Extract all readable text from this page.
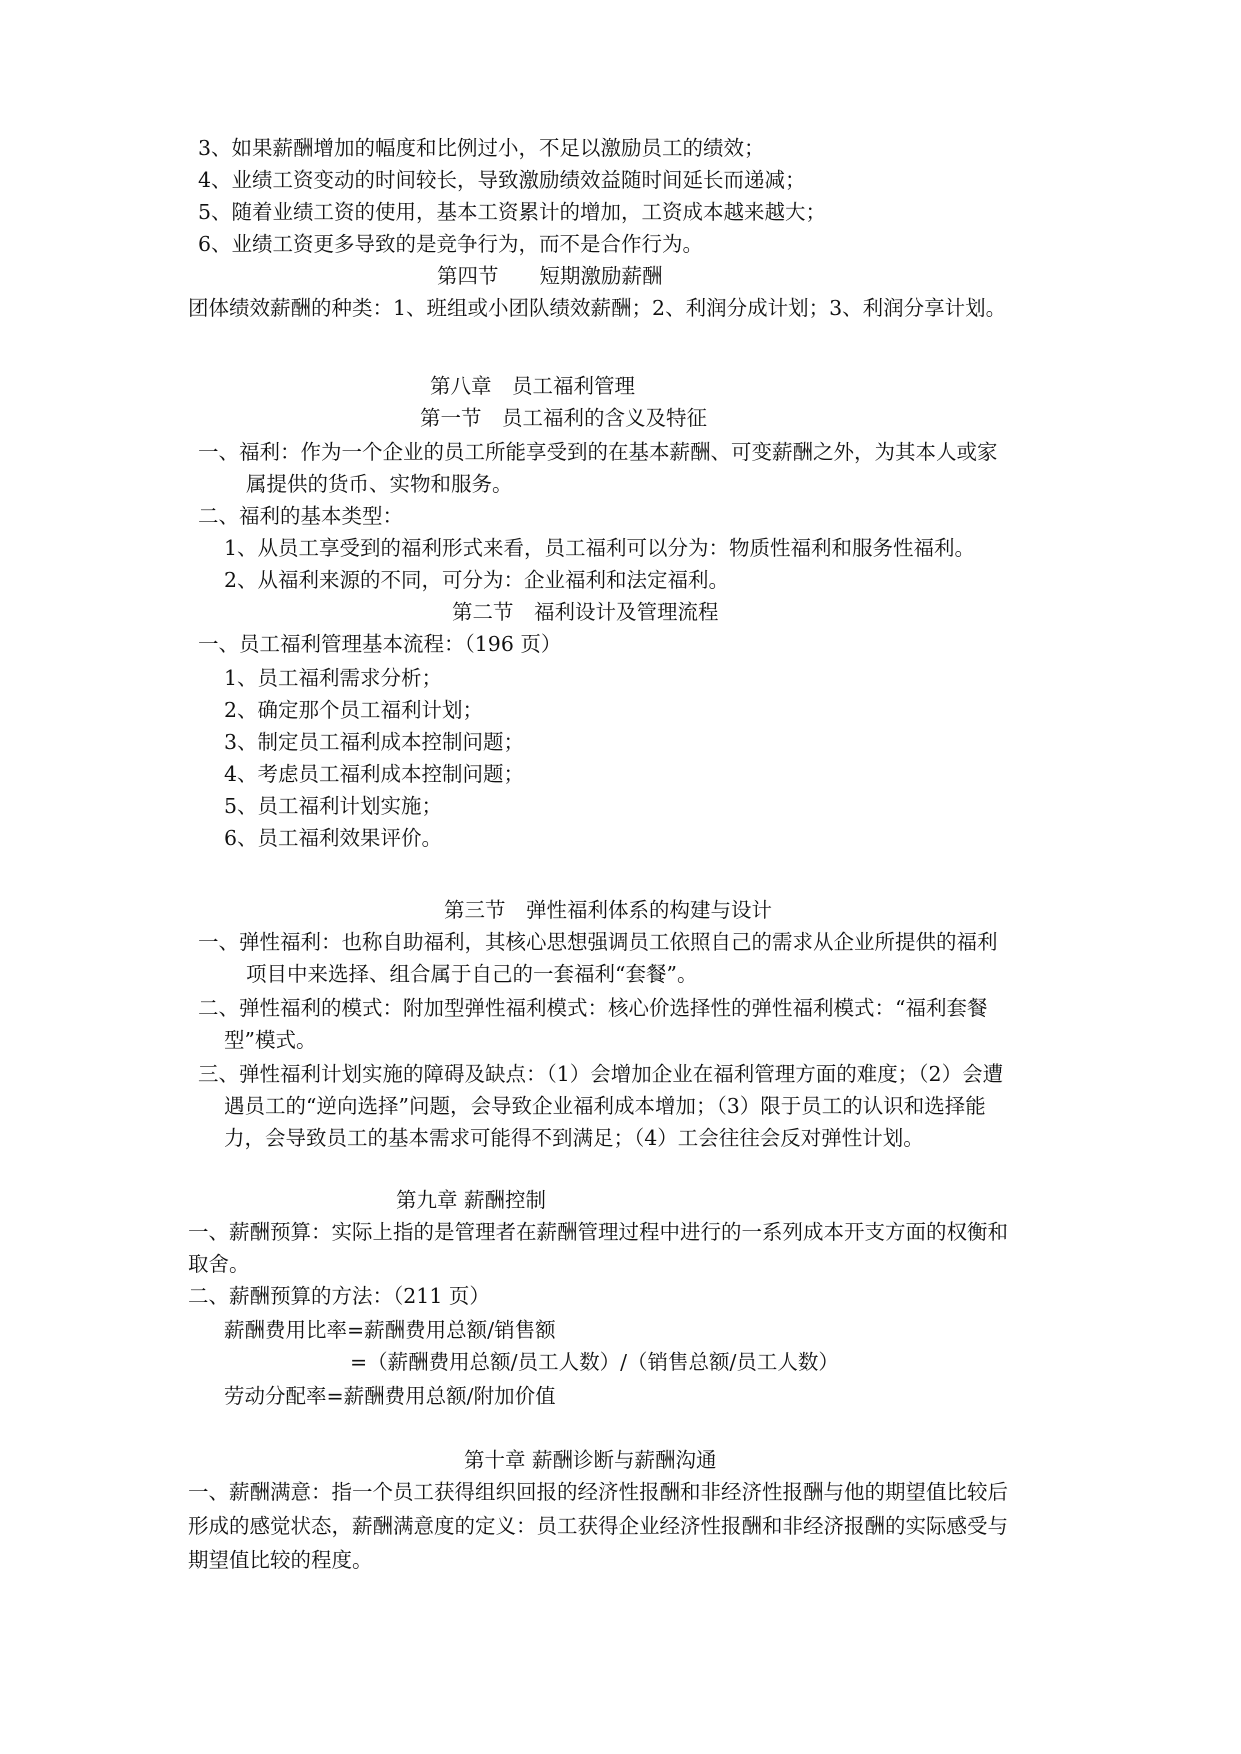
3、如果薪酬增加的幅度和比例过小，不足以激励员工的绩效；
4、业绩工资变动的时间较长，导致激励绩效益随时间延长而递减；
5、随着业绩工资的使用，基本工资累计的增加，工资成本越来越大；
6、业绩工资更多导致的是竞争行为，而不是合作行为。
第四节　　短期激励薪酬
团体绩效薪酬的种类：1、班组或小团队绩效薪酬；2、利润分成计划；3、利润分享计划。
第八章　员工福利管理
第一节　员工福利的含义及特征
一、福利：作为一个企业的员工所能享受到的在基本薪酬、可变薪酬之外，为其本人或家
属提供的货币、实物和服务。
二、福利的基本类型：
1、从员工享受到的福利形式来看，员工福利可以分为：物质性福利和服务性福利。
2、从福利来源的不同，可分为：企业福利和法定福利。
第二节　福利设计及管理流程
一、员工福利管理基本流程：（196 页）
1、员工福利需求分析；
2、确定那个员工福利计划；
3、制定员工福利成本控制问题；
4、考虑员工福利成本控制问题；
5、员工福利计划实施；
6、员工福利效果评价。
第三节　弹性福利体系的构建与设计
一、弹性福利：也称自助福利，其核心思想强调员工依照自己的需求从企业所提供的福利
项目中来选择、组合属于自己的一套福利“套餐”。
二、弹性福利的模式：附加型弹性福利模式：核心价选择性的弹性福利模式：“福利套餐
型”模式。
三、弹性福利计划实施的障碍及缺点：（1）会增加企业在福利管理方面的难度；（2）会遭
遇员工的“逆向选择”问题，会导致企业福利成本增加；（3）限于员工的认识和选择能
力，会导致员工的基本需求可能得不到满足；（4）工会往往会反对弹性计划。
第九章 薪酬控制
一、薪酬预算：实际上指的是管理者在薪酬管理过程中进行的一系列成本开支方面的权衡和
取舍。
二、薪酬预算的方法：（211 页）
薪酬费用比率=薪酬费用总额/销售额
=（薪酬费用总额/员工人数）/（销售总额/员工人数）
劳动分配率=薪酬费用总额/附加价值
第十章 薪酬诊断与薪酬沟通
一、薪酬满意：指一个员工获得组织回报的经济性报酬和非经济性报酬与他的期望值比较后
形成的感觉状态，薪酬满意度的定义：员工获得企业经济性报酬和非经济报酬的实际感受与
期望值比较的程度。
